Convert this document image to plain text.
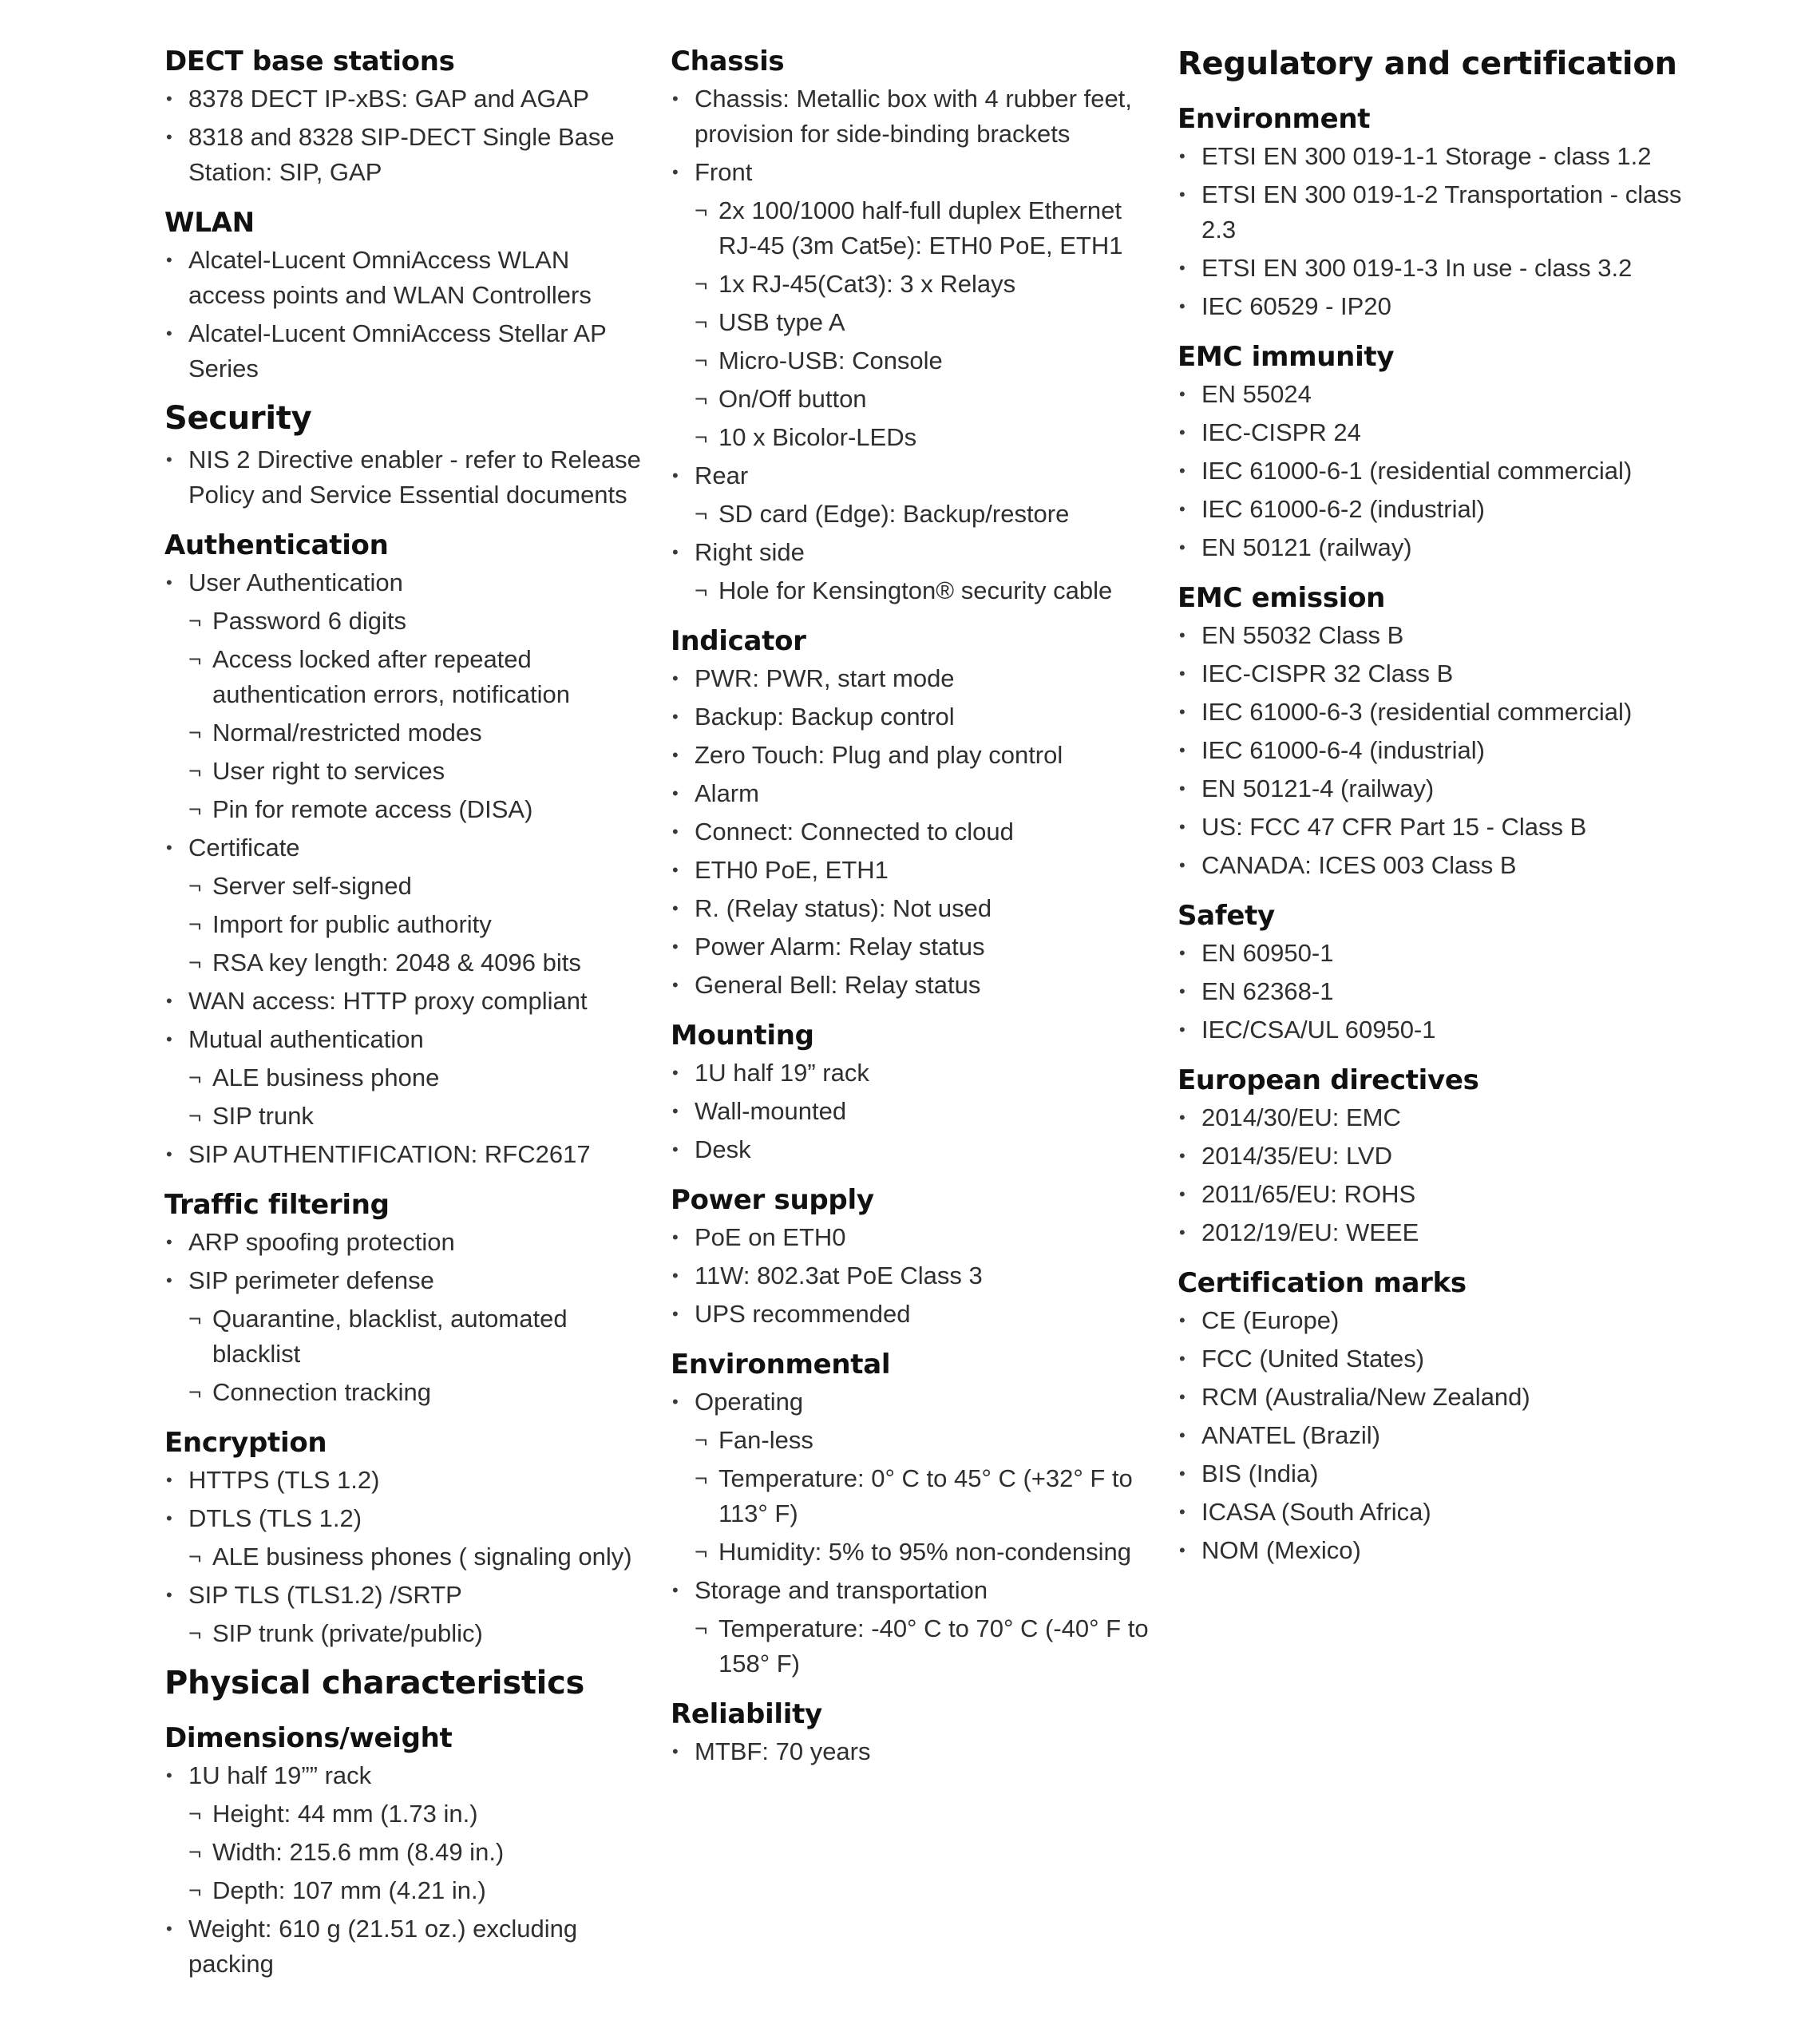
DECT base stations
• 8378 DECT IP-xBS: GAP and AGAP
• 8318 and 8328 SIP-DECT Single Base Station: SIP, GAP
WLAN
• Alcatel-Lucent OmniAccess WLAN access points and WLAN Controllers
• Alcatel-Lucent OmniAccess Stellar AP Series
Security
• NIS 2 Directive enabler - refer to Release Policy and Service Essential documents
Authentication
• User Authentication
¬ Password 6 digits
¬ Access locked after repeated authentication errors, notification
¬ Normal/restricted modes
¬ User right to services
¬ Pin for remote access (DISA)
• Certificate
¬ Server self-signed
¬ Import for public authority
¬ RSA key length: 2048 & 4096 bits
• WAN access: HTTP proxy compliant
• Mutual authentication
¬ ALE business phone
¬ SIP trunk
• SIP AUTHENTIFICATION: RFC2617
Traffic filtering
• ARP spoofing protection
• SIP perimeter defense
¬ Quarantine, blacklist, automated blacklist
¬ Connection tracking
Encryption
• HTTPS (TLS 1.2)
• DTLS (TLS 1.2)
¬ ALE business phones ( signaling only)
• SIP TLS (TLS1.2) /SRTP
¬ SIP trunk (private/public)
Physical characteristics
Dimensions/weight
• 1U half 19”” rack
¬ Height: 44 mm (1.73 in.)
¬ Width: 215.6 mm (8.49 in.)
¬ Depth: 107 mm (4.21 in.)
• Weight: 610 g (21.51 oz.) excluding packing
Chassis
• Chassis: Metallic box with 4 rubber feet, provision for side-binding brackets
• Front
¬ 2x 100/1000 half-full duplex Ethernet RJ-45 (3m Cat5e): ETH0 PoE, ETH1
¬ 1x RJ-45(Cat3): 3 x Relays
¬ USB type A
¬ Micro-USB: Console
¬ On/Off button
¬ 10 x Bicolor-LEDs
• Rear
¬ SD card (Edge): Backup/restore
• Right side
¬ Hole for Kensington® security cable
Indicator
• PWR: PWR, start mode
• Backup: Backup control
• Zero Touch: Plug and play control
• Alarm
• Connect: Connected to cloud
• ETH0 PoE, ETH1
• R. (Relay status): Not used
• Power Alarm: Relay status
• General Bell: Relay status
Mounting
• 1U half 19” rack
• Wall-mounted
• Desk
Power supply
• PoE on ETH0
• 11W: 802.3at PoE Class 3
• UPS recommended
Environmental
• Operating
¬ Fan-less
¬ Temperature: 0° C to 45° C (+32° F to 113° F)
¬ Humidity: 5% to 95% non-condensing
• Storage and transportation
¬ Temperature: -40° C to 70° C (-40° F to 158° F)
Reliability
• MTBF: 70 years
Regulatory and certification
Environment
• ETSI EN 300 019-1-1 Storage - class 1.2
• ETSI EN 300 019-1-2 Transportation - class 2.3
• ETSI EN 300 019-1-3 In use - class 3.2
• IEC 60529 - IP20
EMC immunity
• EN 55024
• IEC-CISPR 24
• IEC 61000-6-1 (residential commercial)
• IEC 61000-6-2 (industrial)
• EN 50121 (railway)
EMC emission
• EN 55032 Class B
• IEC-CISPR 32 Class B
• IEC 61000-6-3 (residential commercial)
• IEC 61000-6-4 (industrial)
• EN 50121-4 (railway)
• US: FCC 47 CFR Part 15 - Class B
• CANADA: ICES 003 Class B
Safety
• EN 60950-1
• EN 62368-1
• IEC/CSA/UL 60950-1
European directives
• 2014/30/EU: EMC
• 2014/35/EU: LVD
• 2011/65/EU: ROHS
• 2012/19/EU: WEEE
Certification marks
• CE (Europe)
• FCC (United States)
• RCM (Australia/New Zealand)
• ANATEL (Brazil)
• BIS (India)
• ICASA (South Africa)
• NOM (Mexico)
